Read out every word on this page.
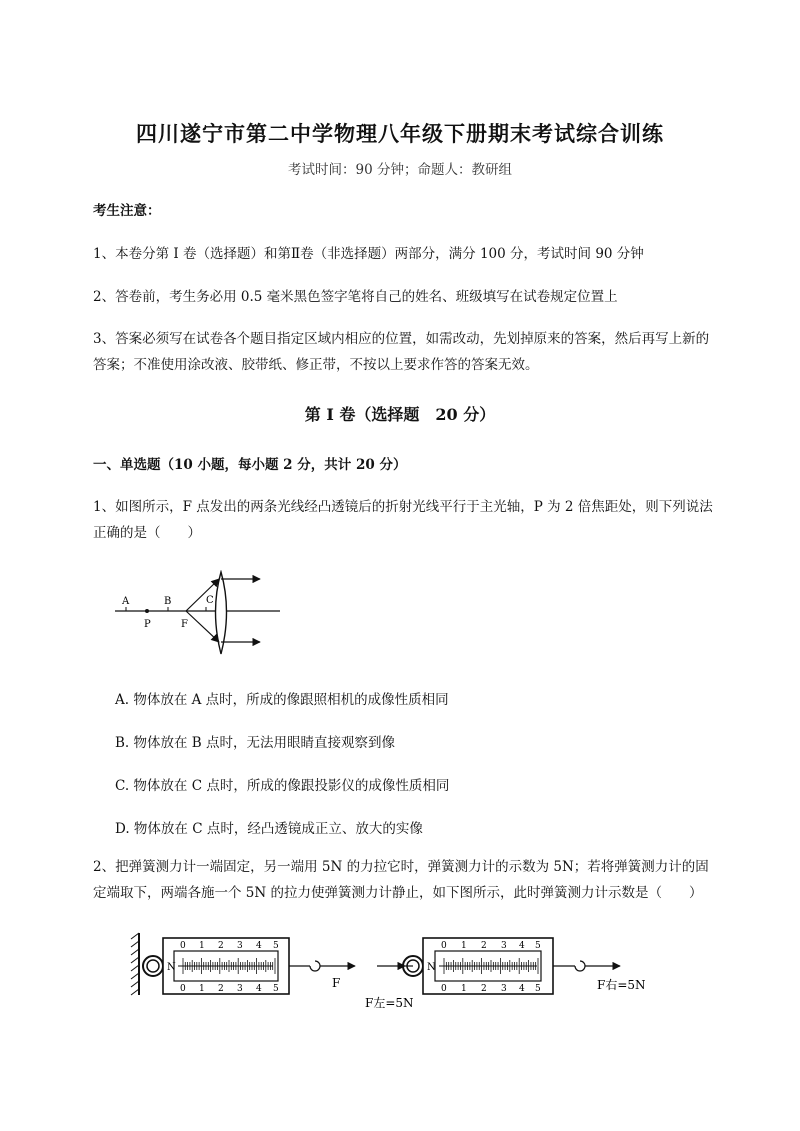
四川遂宁市第二中学物理八年级下册期末考试综合训练
考试时间：90 分钟；命题人：教研组
考生注意：
1、本卷分第 I 卷（选择题）和第Ⅱ卷（非选择题）两部分，满分 100 分，考试时间 90 分钟
2、答卷前，考生务必用 0.5 毫米黑色签字笔将自己的姓名、班级填写在试卷规定位置上
3、答案必须写在试卷各个题目指定区域内相应的位置，如需改动，先划掉原来的答案，然后再写上新的答案；不准使用涂改液、胶带纸、修正带，不按以上要求作答的答案无效。
第 I 卷（选择题　20 分）
一、单选题（10 小题，每小题 2 分，共计 20 分）
1、如图所示，F 点发出的两条光线经凸透镜后的折射光线平行于主光轴，P 为 2 倍焦距处，则下列说法正确的是（　　）
A	B	C
P	F
A. 物体放在 A 点时，所成的像跟照相机的成像性质相同
B. 物体放在 B 点时，无法用眼睛直接观察到像
C. 物体放在 C 点时，所成的像跟投影仪的成像性质相同
D. 物体放在 C 点时，经凸透镜成正立、放大的实像
2、把弹簧测力计一端固定，另一端用 5N 的力拉它时，弹簧测力计的示数为 5N；若将弹簧测力计的固定端取下，两端各施一个 5N 的拉力使弹簧测力计静止，如下图所示，此时弹簧测力计示数是（　　）
N
F
0 1 2 3 4 5
0 1 2 3 4 5
N
F左=5N
F右=5N
0 1 2 3 4 5
0 1 2 3 4 5
